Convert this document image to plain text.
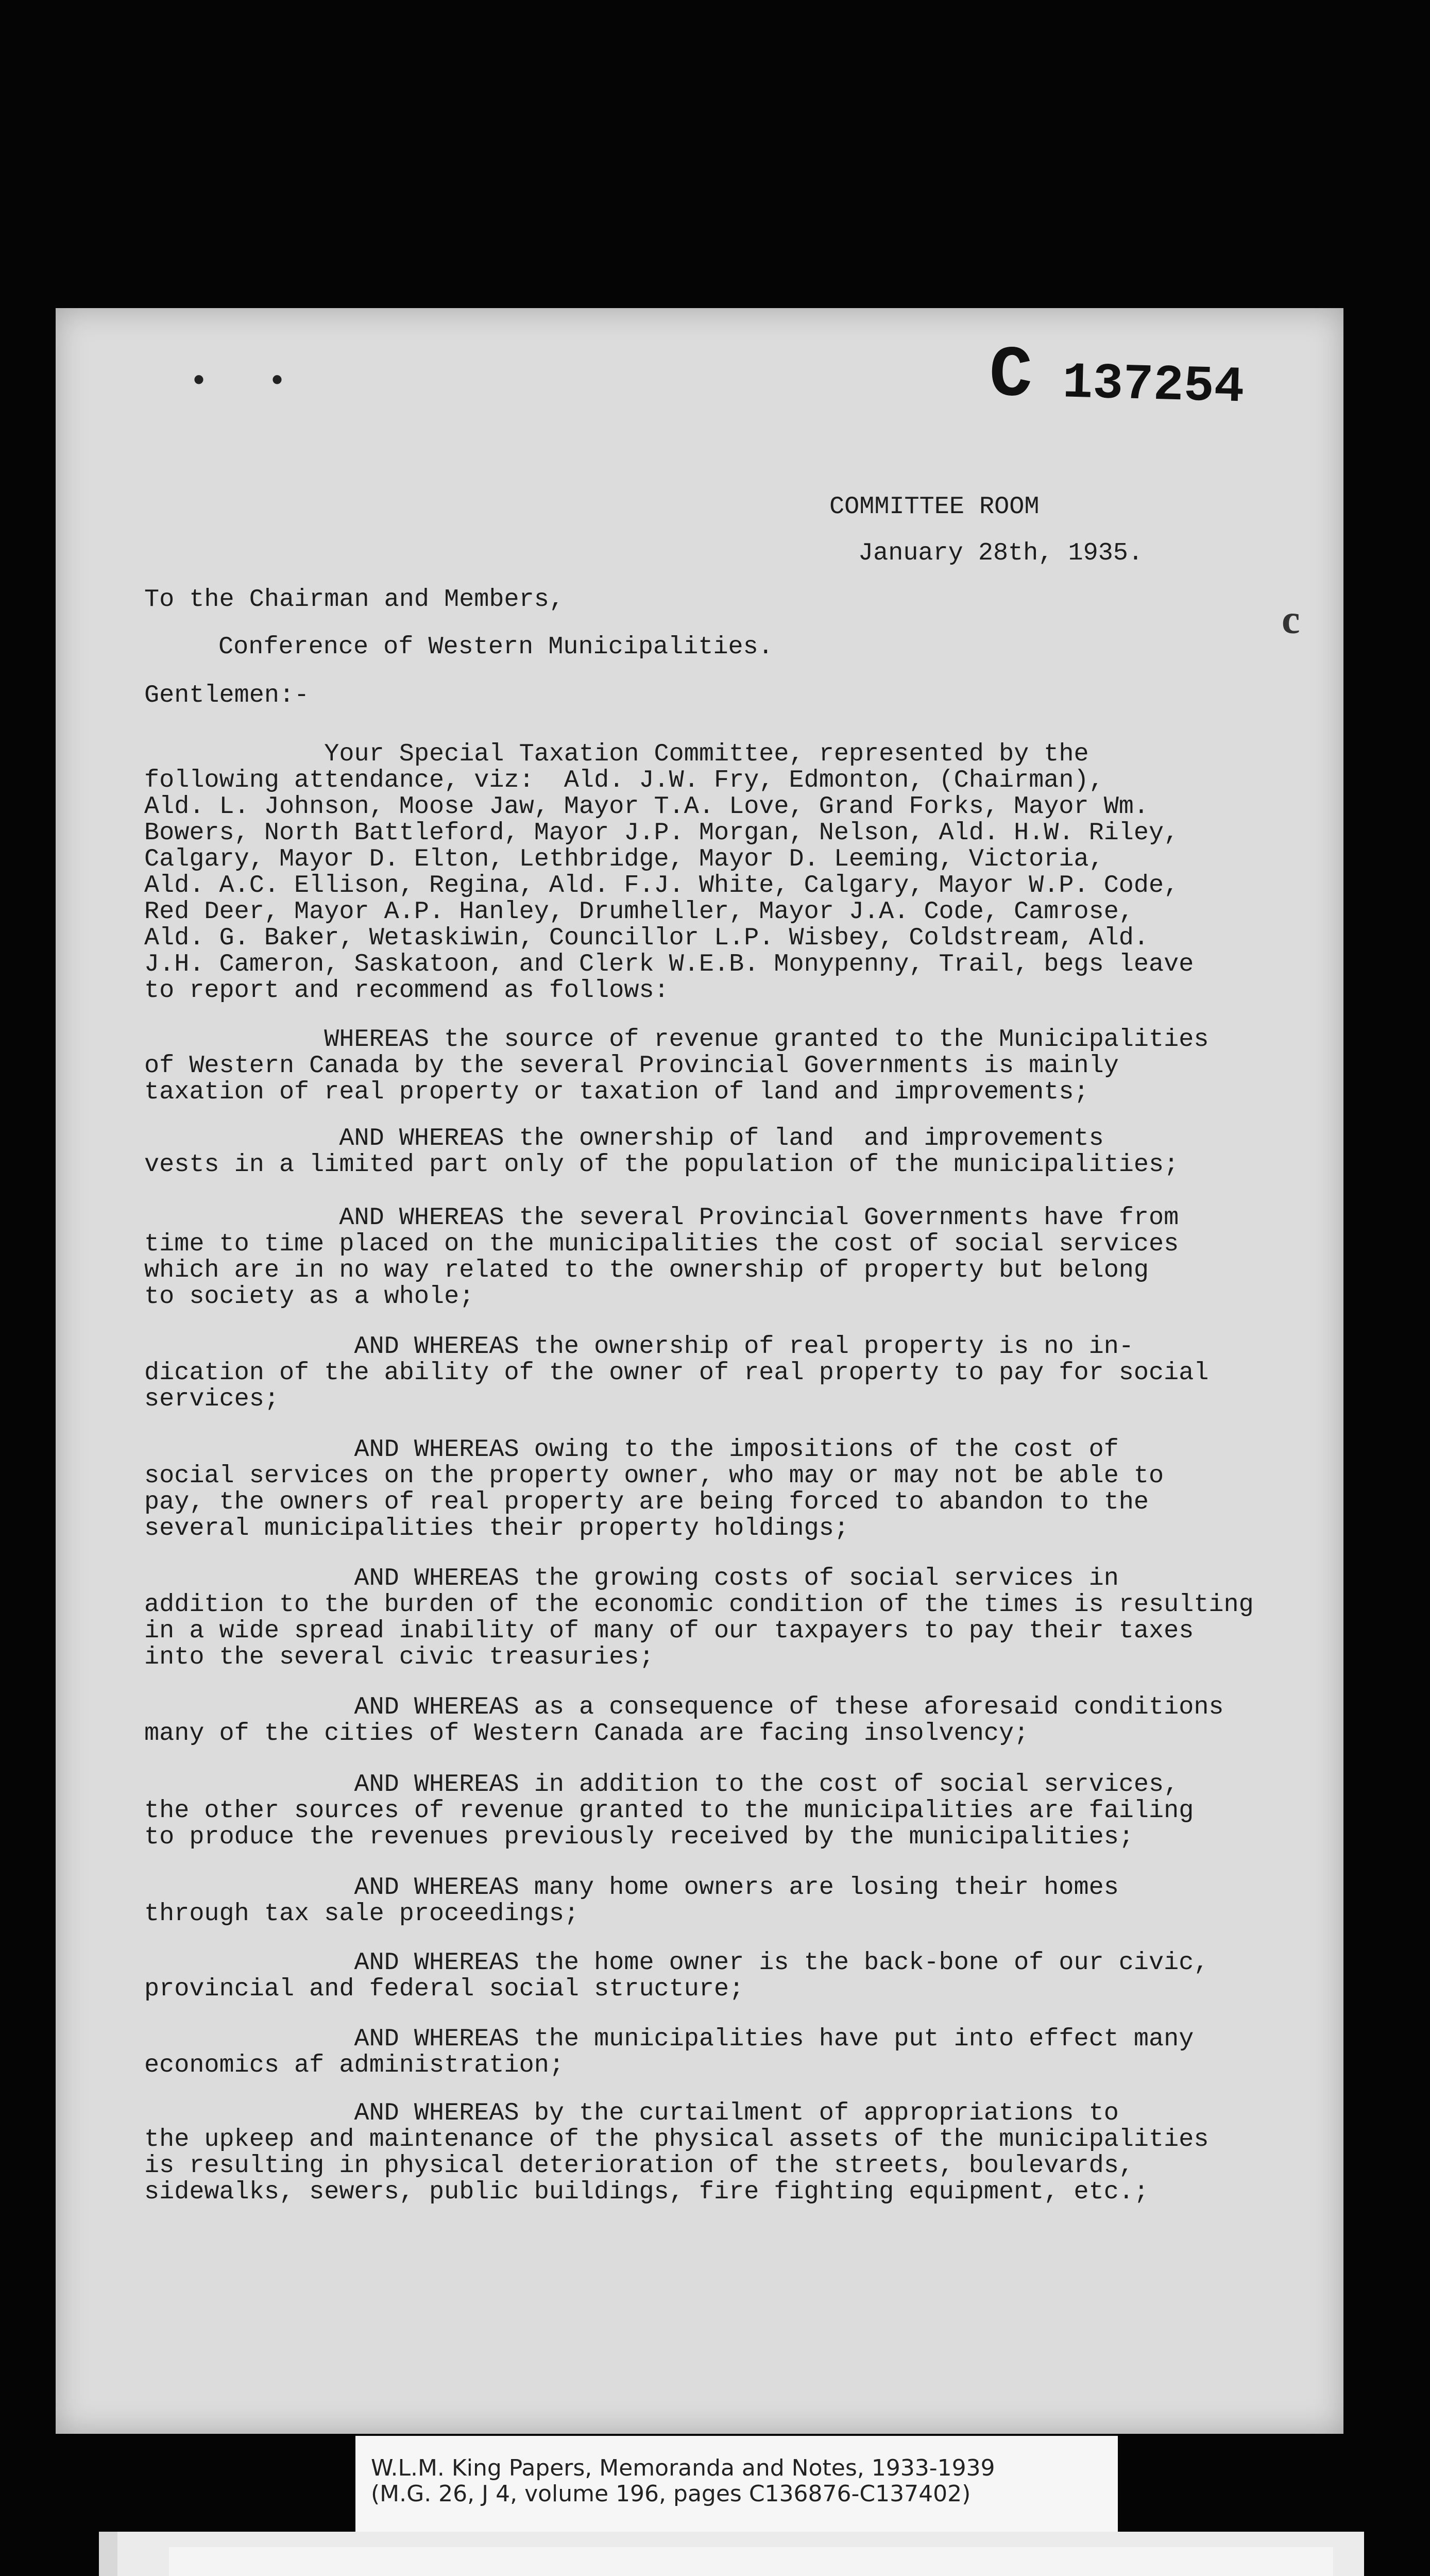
• •	C 137254
c
COMMITTEE ROOM
January 28th, 1935.
To the Chairman and Members,
Conference of Western Municipalities.
Gentlemen:-
Your Special Taxation Committee, represented by the
following attendance, viz:  Ald. J.W. Fry, Edmonton, (Chairman),
Ald. L. Johnson, Moose Jaw, Mayor T.A. Love, Grand Forks, Mayor Wm.
Bowers, North Battleford, Mayor J.P. Morgan, Nelson, Ald. H.W. Riley,
Calgary, Mayor D. Elton, Lethbridge, Mayor D. Leeming, Victoria,
Ald. A.C. Ellison, Regina, Ald. F.J. White, Calgary, Mayor W.P. Code,
Red Deer, Mayor A.P. Hanley, Drumheller, Mayor J.A. Code, Camrose,
Ald. G. Baker, Wetaskiwin, Councillor L.P. Wisbey, Coldstream, Ald.
J.H. Cameron, Saskatoon, and Clerk W.E.B. Monypenny, Trail, begs leave
to report and recommend as follows:
WHEREAS the source of revenue granted to the Municipalities
of Western Canada by the several Provincial Governments is mainly
taxation of real property or taxation of land and improvements;
AND WHEREAS the ownership of land  and improvements
vests in a limited part only of the population of the municipalities;
AND WHEREAS the several Provincial Governments have from
time to time placed on the municipalities the cost of social services
which are in no way related to the ownership of property but belong
to society as a whole;
AND WHEREAS the ownership of real property is no in-
dication of the ability of the owner of real property to pay for social
services;
AND WHEREAS owing to the impositions of the cost of
social services on the property owner, who may or may not be able to
pay, the owners of real property are being forced to abandon to the
several municipalities their property holdings;
AND WHEREAS the growing costs of social services in
addition to the burden of the economic condition of the times is resulting
in a wide spread inability of many of our taxpayers to pay their taxes
into the several civic treasuries;
AND WHEREAS as a consequence of these aforesaid conditions
many of the cities of Western Canada are facing insolvency;
AND WHEREAS in addition to the cost of social services,
the other sources of revenue granted to the municipalities are failing
to produce the revenues previously received by the municipalities;
AND WHEREAS many home owners are losing their homes
through tax sale proceedings;
AND WHEREAS the home owner is the back-bone of our civic,
provincial and federal social structure;
AND WHEREAS the municipalities have put into effect many
economics af administration;
AND WHEREAS by the curtailment of appropriations to
the upkeep and maintenance of the physical assets of the municipalities
is resulting in physical deterioration of the streets, boulevards,
sidewalks, sewers, public buildings, fire fighting equipment, etc.;
W.L.M. King Papers, Memoranda and Notes, 1933-1939
(M.G. 26, J 4, volume 196, pages C136876-C137402)
